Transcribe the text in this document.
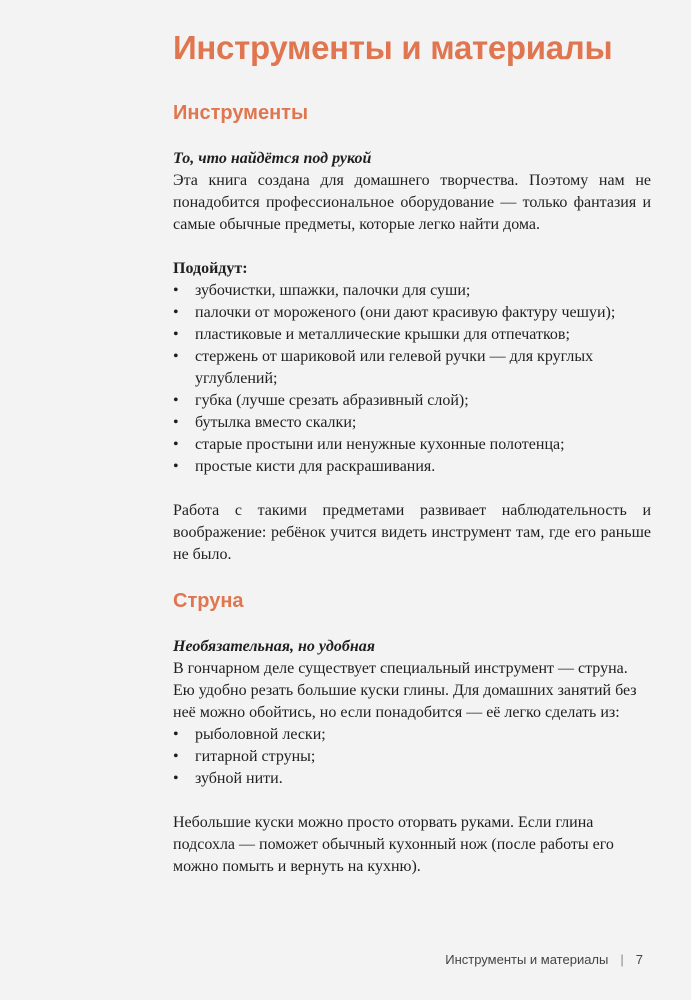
Инструменты и материалы
Инструменты
То, что найдётся под рукой

Эта книга создана для домашнего творчества. Поэтому нам не понадобится профессиональное оборудование — только фантазия и самые обычные предметы, которые легко найти дома.

Подойдут:

• зубочистки, шпажки, палочки для суши;
• палочки от мороженого (они дают красивую фактуру чешуи);
• пластиковые и металлические крышки для отпечатков;
• стержень от шариковой или гелевой ручки — для круглых углублений;
• губка (лучше срезать абразивный слой);
• бутылка вместо скалки;
• старые простыни или ненужные кухонные полотенца;
• простые кисти для раскрашивания.

Работа с такими предметами развивает наблюдательность и воображение: ребёнок учится видеть инструмент там, где его раньше не было.

Струна
Необязательная, но удобная

В гончарном деле существует специальный инструмент — струна. Ею удобно резать большие куски глины. Для домашних занятий без неё можно обойтись, но если понадобится — её легко сделать из:

• рыболовной лески;
• гитарной струны;
• зубной нити.

Небольшие куски можно просто оторвать руками. Если глина подсохла — поможет обычный кухонный нож (после работы его можно помыть и вернуть на кухню).

Инструменты и материалы | 7
